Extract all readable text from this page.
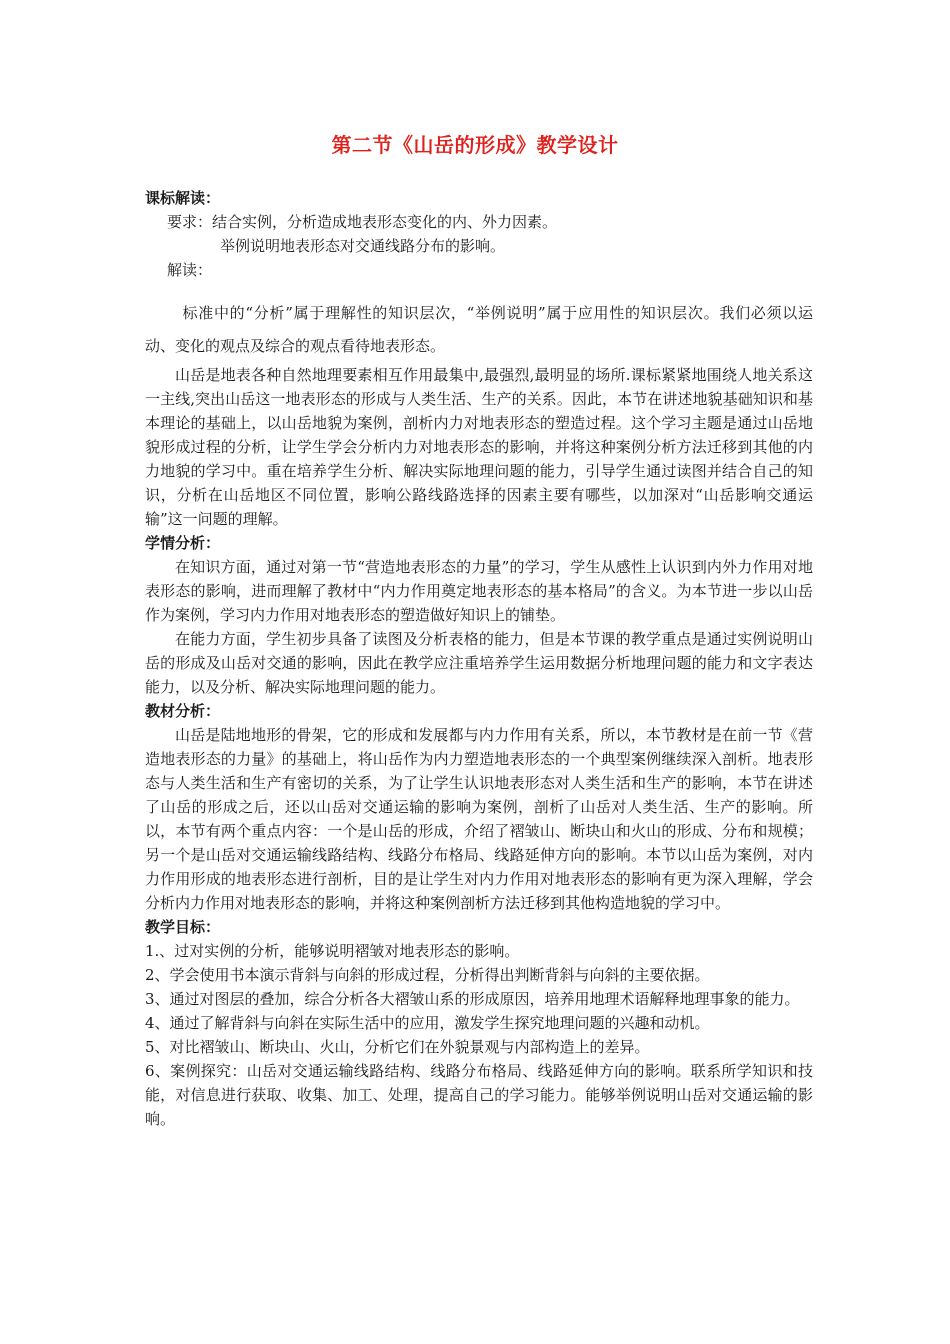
第二节《山岳的形成》教学设计

课标解读：

要求：结合实例，分析造成地表形态变化的内、外力因素。

举例说明地表形态对交通线路分布的影响。

解读：

标准中的“分析”属于理解性的知识层次，“举例说明”属于应用性的知识层次。我们必须以运动、变化的观点及综合的观点看待地表形态。

山岳是地表各种自然地理要素相互作用最集中,最强烈,最明显的场所.课标紧紧地围绕人地关系这一主线,突出山岳这一地表形态的形成与人类生活、生产的关系。因此，本节在讲述地貌基础知识和基本理论的基础上，以山岳地貌为案例，剖析内力对地表形态的塑造过程。这个学习主题是通过山岳地貌形成过程的分析，让学生学会分析内力对地表形态的影响，并将这种案例分析方法迁移到其他的内力地貌的学习中。重在培养学生分析、解决实际地理问题的能力，引导学生通过读图并结合自己的知识，分析在山岳地区不同位置，影响公路线路选择的因素主要有哪些，以加深对“山岳影响交通运输”这一问题的理解。

学情分析：

在知识方面，通过对第一节“营造地表形态的力量”的学习，学生从感性上认识到内外力作用对地表形态的影响，进而理解了教材中“内力作用奠定地表形态的基本格局”的含义。为本节进一步以山岳作为案例，学习内力作用对地表形态的塑造做好知识上的铺垫。

在能力方面，学生初步具备了读图及分析表格的能力，但是本节课的教学重点是通过实例说明山岳的形成及山岳对交通的影响，因此在教学应注重培养学生运用数据分析地理问题的能力和文字表达能力，以及分析、解决实际地理问题的能力。

教材分析：

山岳是陆地地形的骨架，它的形成和发展都与内力作用有关系，所以，本节教材是在前一节《营造地表形态的力量》的基础上，将山岳作为内力塑造地表形态的一个典型案例继续深入剖析。地表形态与人类生活和生产有密切的关系，为了让学生认识地表形态对人类生活和生产的影响，本节在讲述了山岳的形成之后，还以山岳对交通运输的影响为案例，剖析了山岳对人类生活、生产的影响。所以，本节有两个重点内容：一个是山岳的形成，介绍了褶皱山、断块山和火山的形成、分布和规模；另一个是山岳对交通运输线路结构、线路分布格局、线路延伸方向的影响。本节以山岳为案例，对内力作用形成的地表形态进行剖析，目的是让学生对内力作用对地表形态的影响有更为深入理解，学会分析内力作用对地表形态的影响，并将这种案例剖析方法迁移到其他构造地貌的学习中。

教学目标：

1.、过对实例的分析，能够说明褶皱对地表形态的影响。

2、学会使用书本演示背斜与向斜的形成过程，分析得出判断背斜与向斜的主要依据。

3、通过对图层的叠加，综合分析各大褶皱山系的形成原因，培养用地理术语解释地理事象的能力。

4、通过了解背斜与向斜在实际生活中的应用，激发学生探究地理问题的兴趣和动机。

5、对比褶皱山、断块山、火山，分析它们在外貌景观与内部构造上的差异。

6、案例探究：山岳对交通运输线路结构、线路分布格局、线路延伸方向的影响。联系所学知识和技能，对信息进行获取、收集、加工、处理，提高自己的学习能力。能够举例说明山岳对交通运输的影响。
